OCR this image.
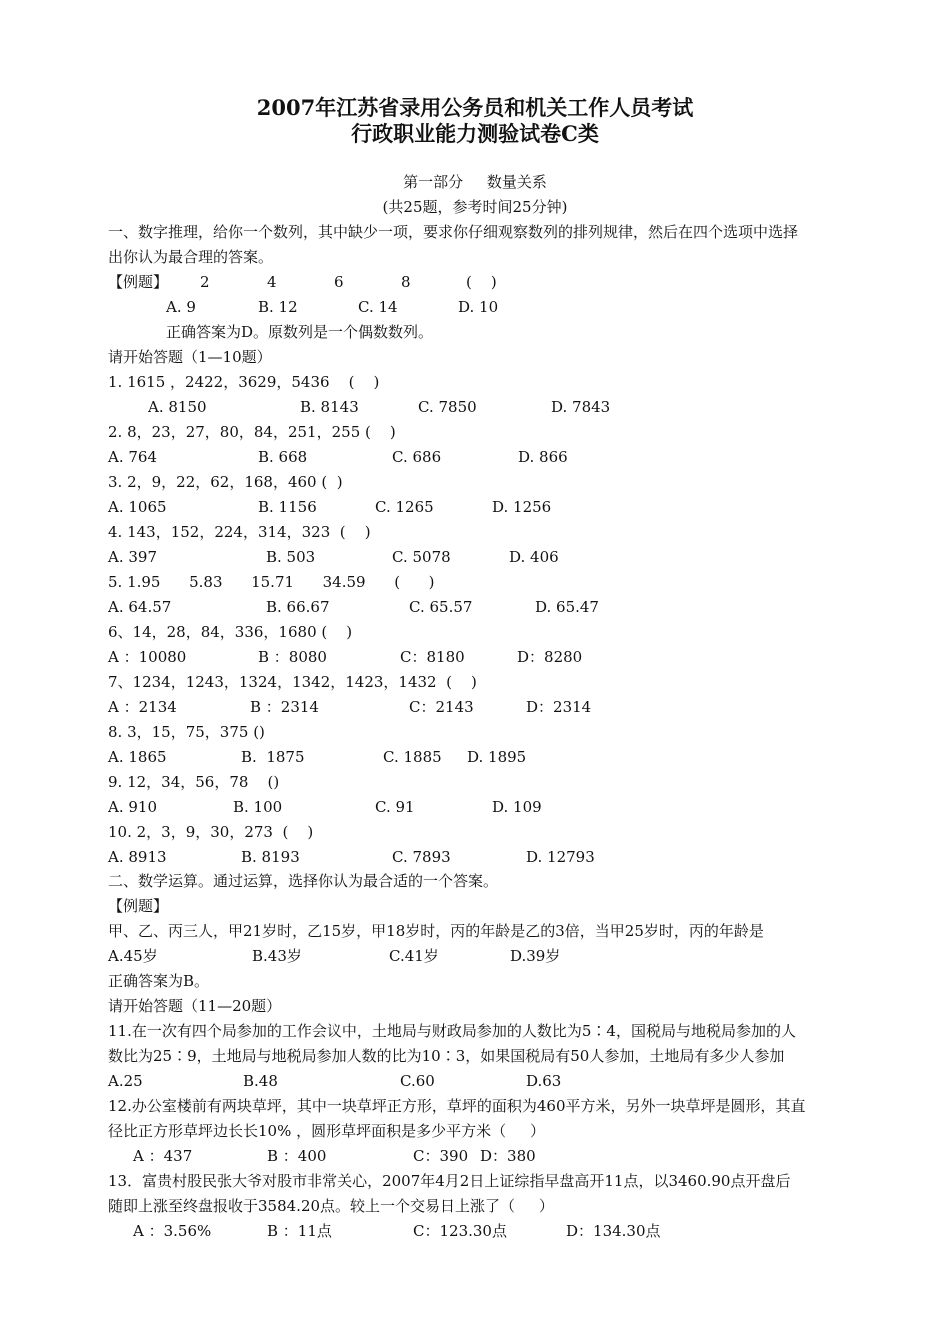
2007年江苏省录用公务员和机关工作人员考试
行政职业能力测验试卷C类
第一部分     数量关系
(共25题，参考时间25分钟)
一、数字推理，给你一个数列，其中缺少一项，要求你仔细观察数列的排列规律，然后在四个选项中选择
出你认为最合理的答案。
【例题】 2	4	6	8	(    )
A. 9	B. 12	C. 14	D. 10
正确答案为D。原数列是一个偶数数列。
请开始答题（1—10题）
1. 1615 ，2422，3629，5436    (    )
A. 8150	B. 8143	C. 7850	D. 7843
2. 8，23，27，80，84，251，255 (    )
A. 764	B. 668	C. 686	D. 866
3. 2，9，22，62，168，460 (  )
A. 1065	B. 1156	C. 1265	D. 1256
4. 143，152，224，314，323  (    )
A. 397	B. 503	C. 5078	D. 406
5. 1.95      5.83      15.71      34.59      (      )
A. 64.57	B. 66.67	C. 65.57	D. 65.47
6、14，28，84，336，1680 (    )
A ：10080	B ：8080	C：8180	D：8280
7、1234，1243，1324，1342，1423，1432  (    )
A ：2134	B ：2314	C：2143	D：2314
8. 3，15，75，375 ()
A. 1865	B.  1875	C. 1885 D. 1895
9. 12，34，56，78    ()
A. 910	B. 100	C. 91	D. 109
10. 2，3，9，30，273  (    )
A. 8913	B. 8193	C. 7893	D. 12793
二、数学运算。通过运算，选择你认为最合适的一个答案。
【例题】
甲、乙、丙三人，甲21岁时，乙15岁，甲18岁时，丙的年龄是乙的3倍，当甲25岁时，丙的年龄是
A.45岁	B.43岁	C.41岁	D.39岁
正确答案为B。
请开始答题（11—20题）
11.在一次有四个局参加的工作会议中，土地局与财政局参加的人数比为5∶4，国税局与地税局参加的人
数比为25∶9，土地局与地税局参加人数的比为10∶3，如果国税局有50人参加，土地局有多少人参加
A.25	B.48	C.60	D.63
12.办公室楼前有两块草坪，其中一块草坪正方形，草坪的面积为460平方米，另外一块草坪是圆形，其直
径比正方形草坪边长长10% ，圆形草坪面积是多少平方米（     ）
A ：437	B ：400	C：390 D：380
13．富贵村股民张大爷对股市非常关心，2007年4月2日上证综指早盘高开11点，以3460.90点开盘后
随即上涨至终盘报收于3584.20点。较上一个交易日上涨了（     ）
A ：3.56%	B ：11点	C：123.30点	D：134.30点
